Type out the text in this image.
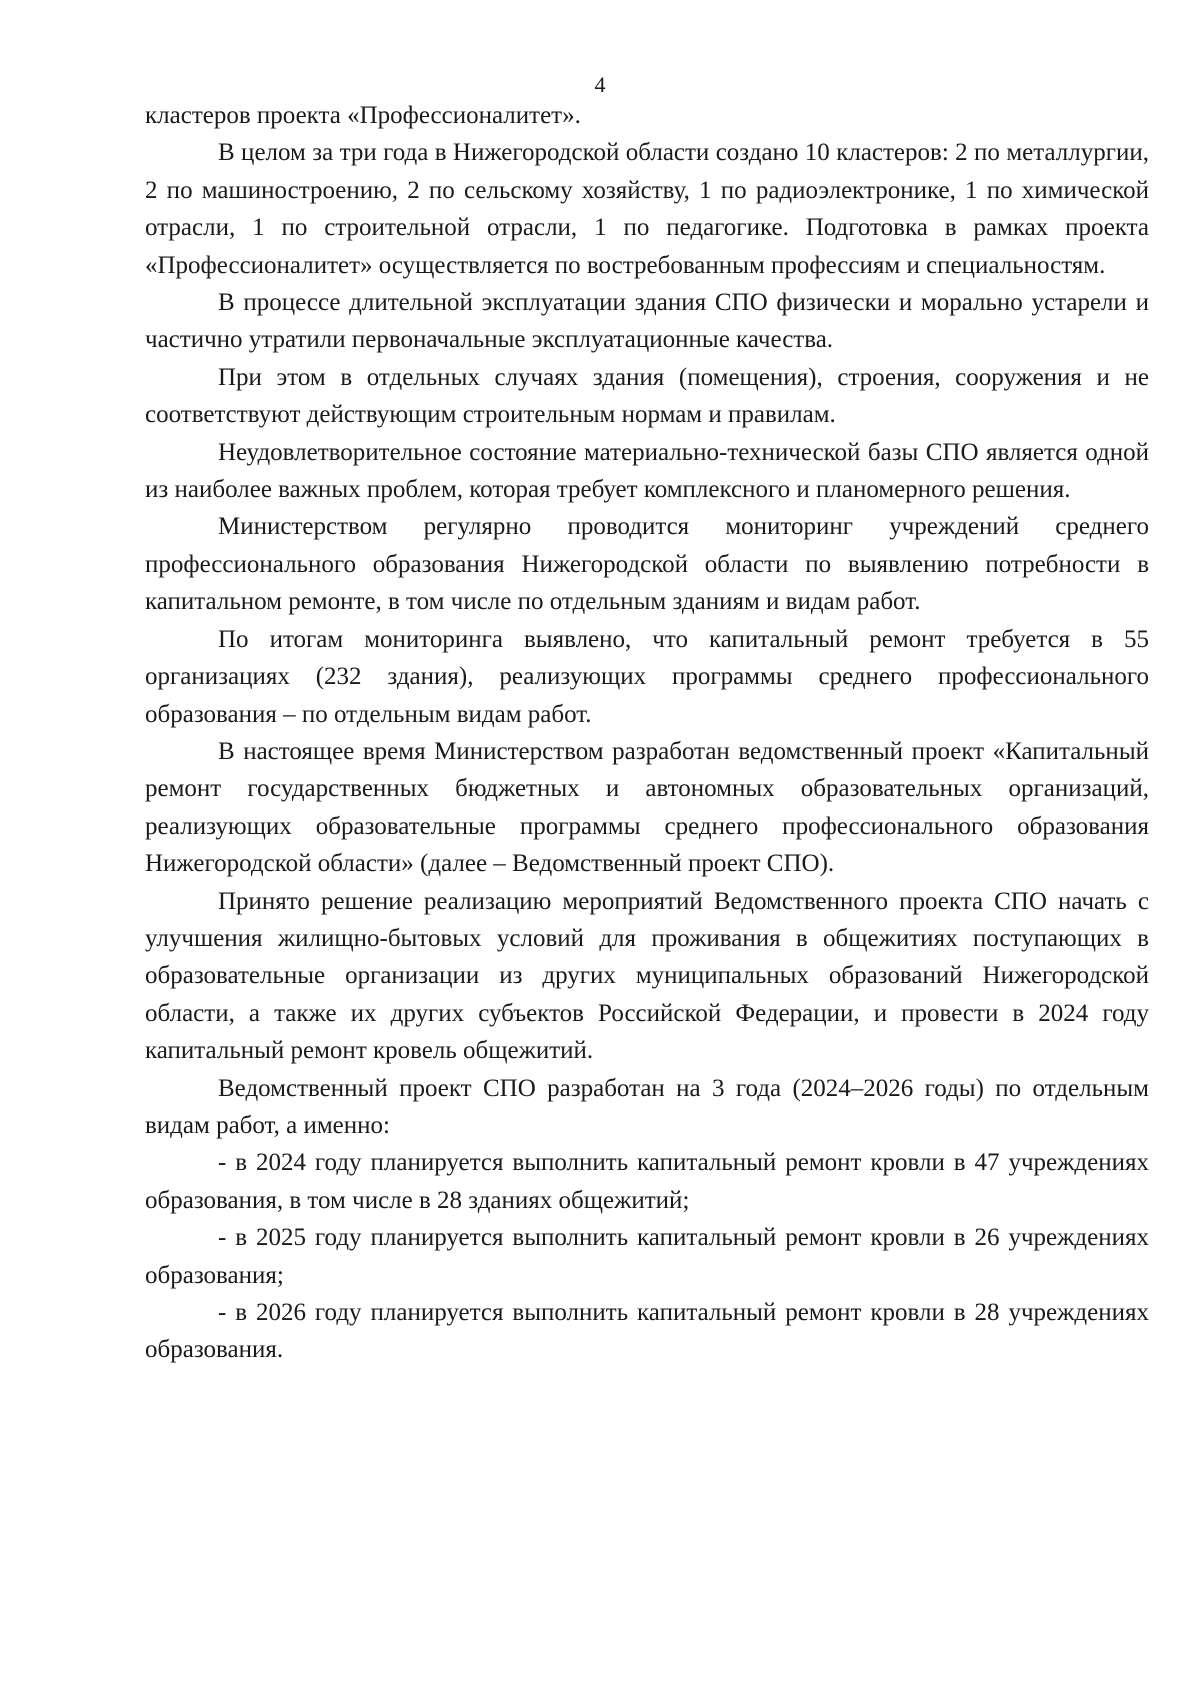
4

кластеров проекта «Профессионалитет».

В целом за три года в Нижегородской области создано 10 кластеров: 2 по металлургии, 2 по машиностроению, 2 по сельскому хозяйству, 1 по радиоэлектронике, 1 по химической отрасли, 1 по строительной отрасли, 1 по педагогике. Подготовка в рамках проекта «Профессионалитет» осуществляется по востребованным профессиям и специальностям.

В процессе длительной эксплуатации здания СПО физически и морально устарели и частично утратили первоначальные эксплуатационные качества.

При этом в отдельных случаях здания (помещения), строения, сооружения и не соответствуют действующим строительным нормам и правилам.

Неудовлетворительное состояние материально-технической базы СПО является одной из наиболее важных проблем, которая требует комплексного и планомерного решения.

Министерством регулярно проводится мониторинг учреждений среднего профессионального образования Нижегородской области по выявлению потребности в капитальном ремонте, в том числе по отдельным зданиям и видам работ.

По итогам мониторинга выявлено, что капитальный ремонт требуется в 55 организациях (232 здания), реализующих программы среднего профессионального образования – по отдельным видам работ.

В настоящее время Министерством разработан ведомственный проект «Капитальный ремонт государственных бюджетных и автономных образовательных организаций, реализующих образовательные программы среднего профессионального образования Нижегородской области» (далее – Ведомственный проект СПО).

Принято решение реализацию мероприятий Ведомственного проекта СПО начать с улучшения жилищно-бытовых условий для проживания в общежитиях поступающих в образовательные организации из других муниципальных образований Нижегородской области, а также их других субъектов Российской Федерации, и провести в 2024 году капитальный ремонт кровель общежитий.

Ведомственный проект СПО разработан на 3 года (2024–2026 годы) по отдельным видам работ, а именно:

- в 2024 году планируется выполнить капитальный ремонт кровли в 47 учреждениях образования, в том числе в 28 зданиях общежитий;

- в 2025 году планируется выполнить капитальный ремонт кровли в 26 учреждениях образования;

- в 2026 году планируется выполнить капитальный ремонт кровли в 28 учреждениях образования.
